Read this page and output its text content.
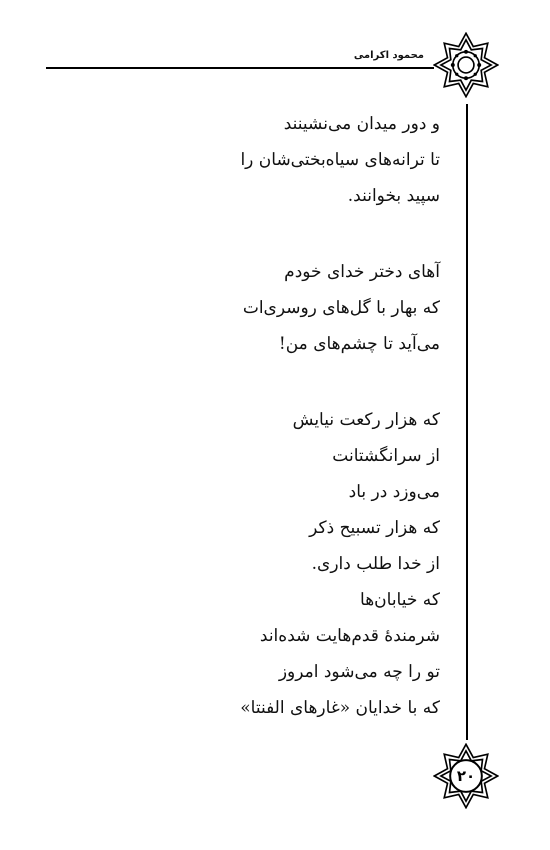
محمود اکرامی
و دور میدان می‌نشینند
تا ترانه‌های سیاه‌بختی‌شان را
سپید بخوانند.
آهای دختر خدای خودم
که بهار با گل‌های روسری‌ات
می‌آید تا چشم‌های من!
که هزار رکعت نیایش
از سرانگشتانت
می‌وزد در باد
که هزار تسبیح ذکر
از خدا طلب داری.
که خیابان‌ها
شرمندهٔ قدم‌هایت شده‌اند
تو را چه می‌شود امروز
که با خدایان «غارهای الفنتا»
۲۰
